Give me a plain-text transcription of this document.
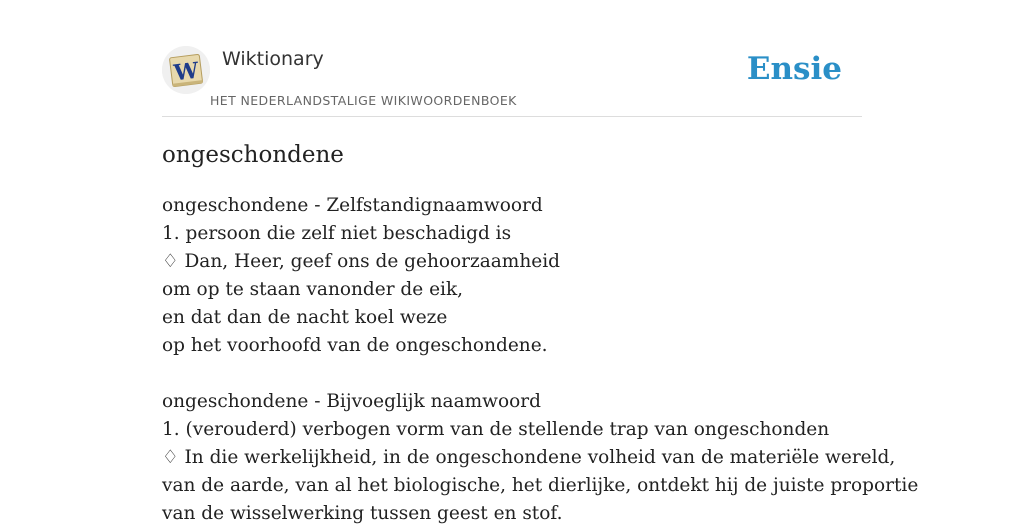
W Wiktionary
HET NEDERLANDSTALIGE WIKIWOORDENBOEK
Ensie
ongeschondene
ongeschondene - Zelfstandignaamwoord
1. persoon die zelf niet beschadigd is
♢ Dan, Heer, geef ons de gehoorzaamheid
om op te staan vanonder de eik,
en dat dan de nacht koel weze
op het voorhoofd van de ongeschondene.
ongeschondene - Bijvoeglijk naamwoord
1. (verouderd) verbogen vorm van de stellende trap van ongeschonden
♢ In die werkelijkheid, in de ongeschondene volheid van de materiële wereld,
van de aarde, van al het biologische, het dierlijke, ontdekt hij de juiste proportie
van de wisselwerking tussen geest en stof.
